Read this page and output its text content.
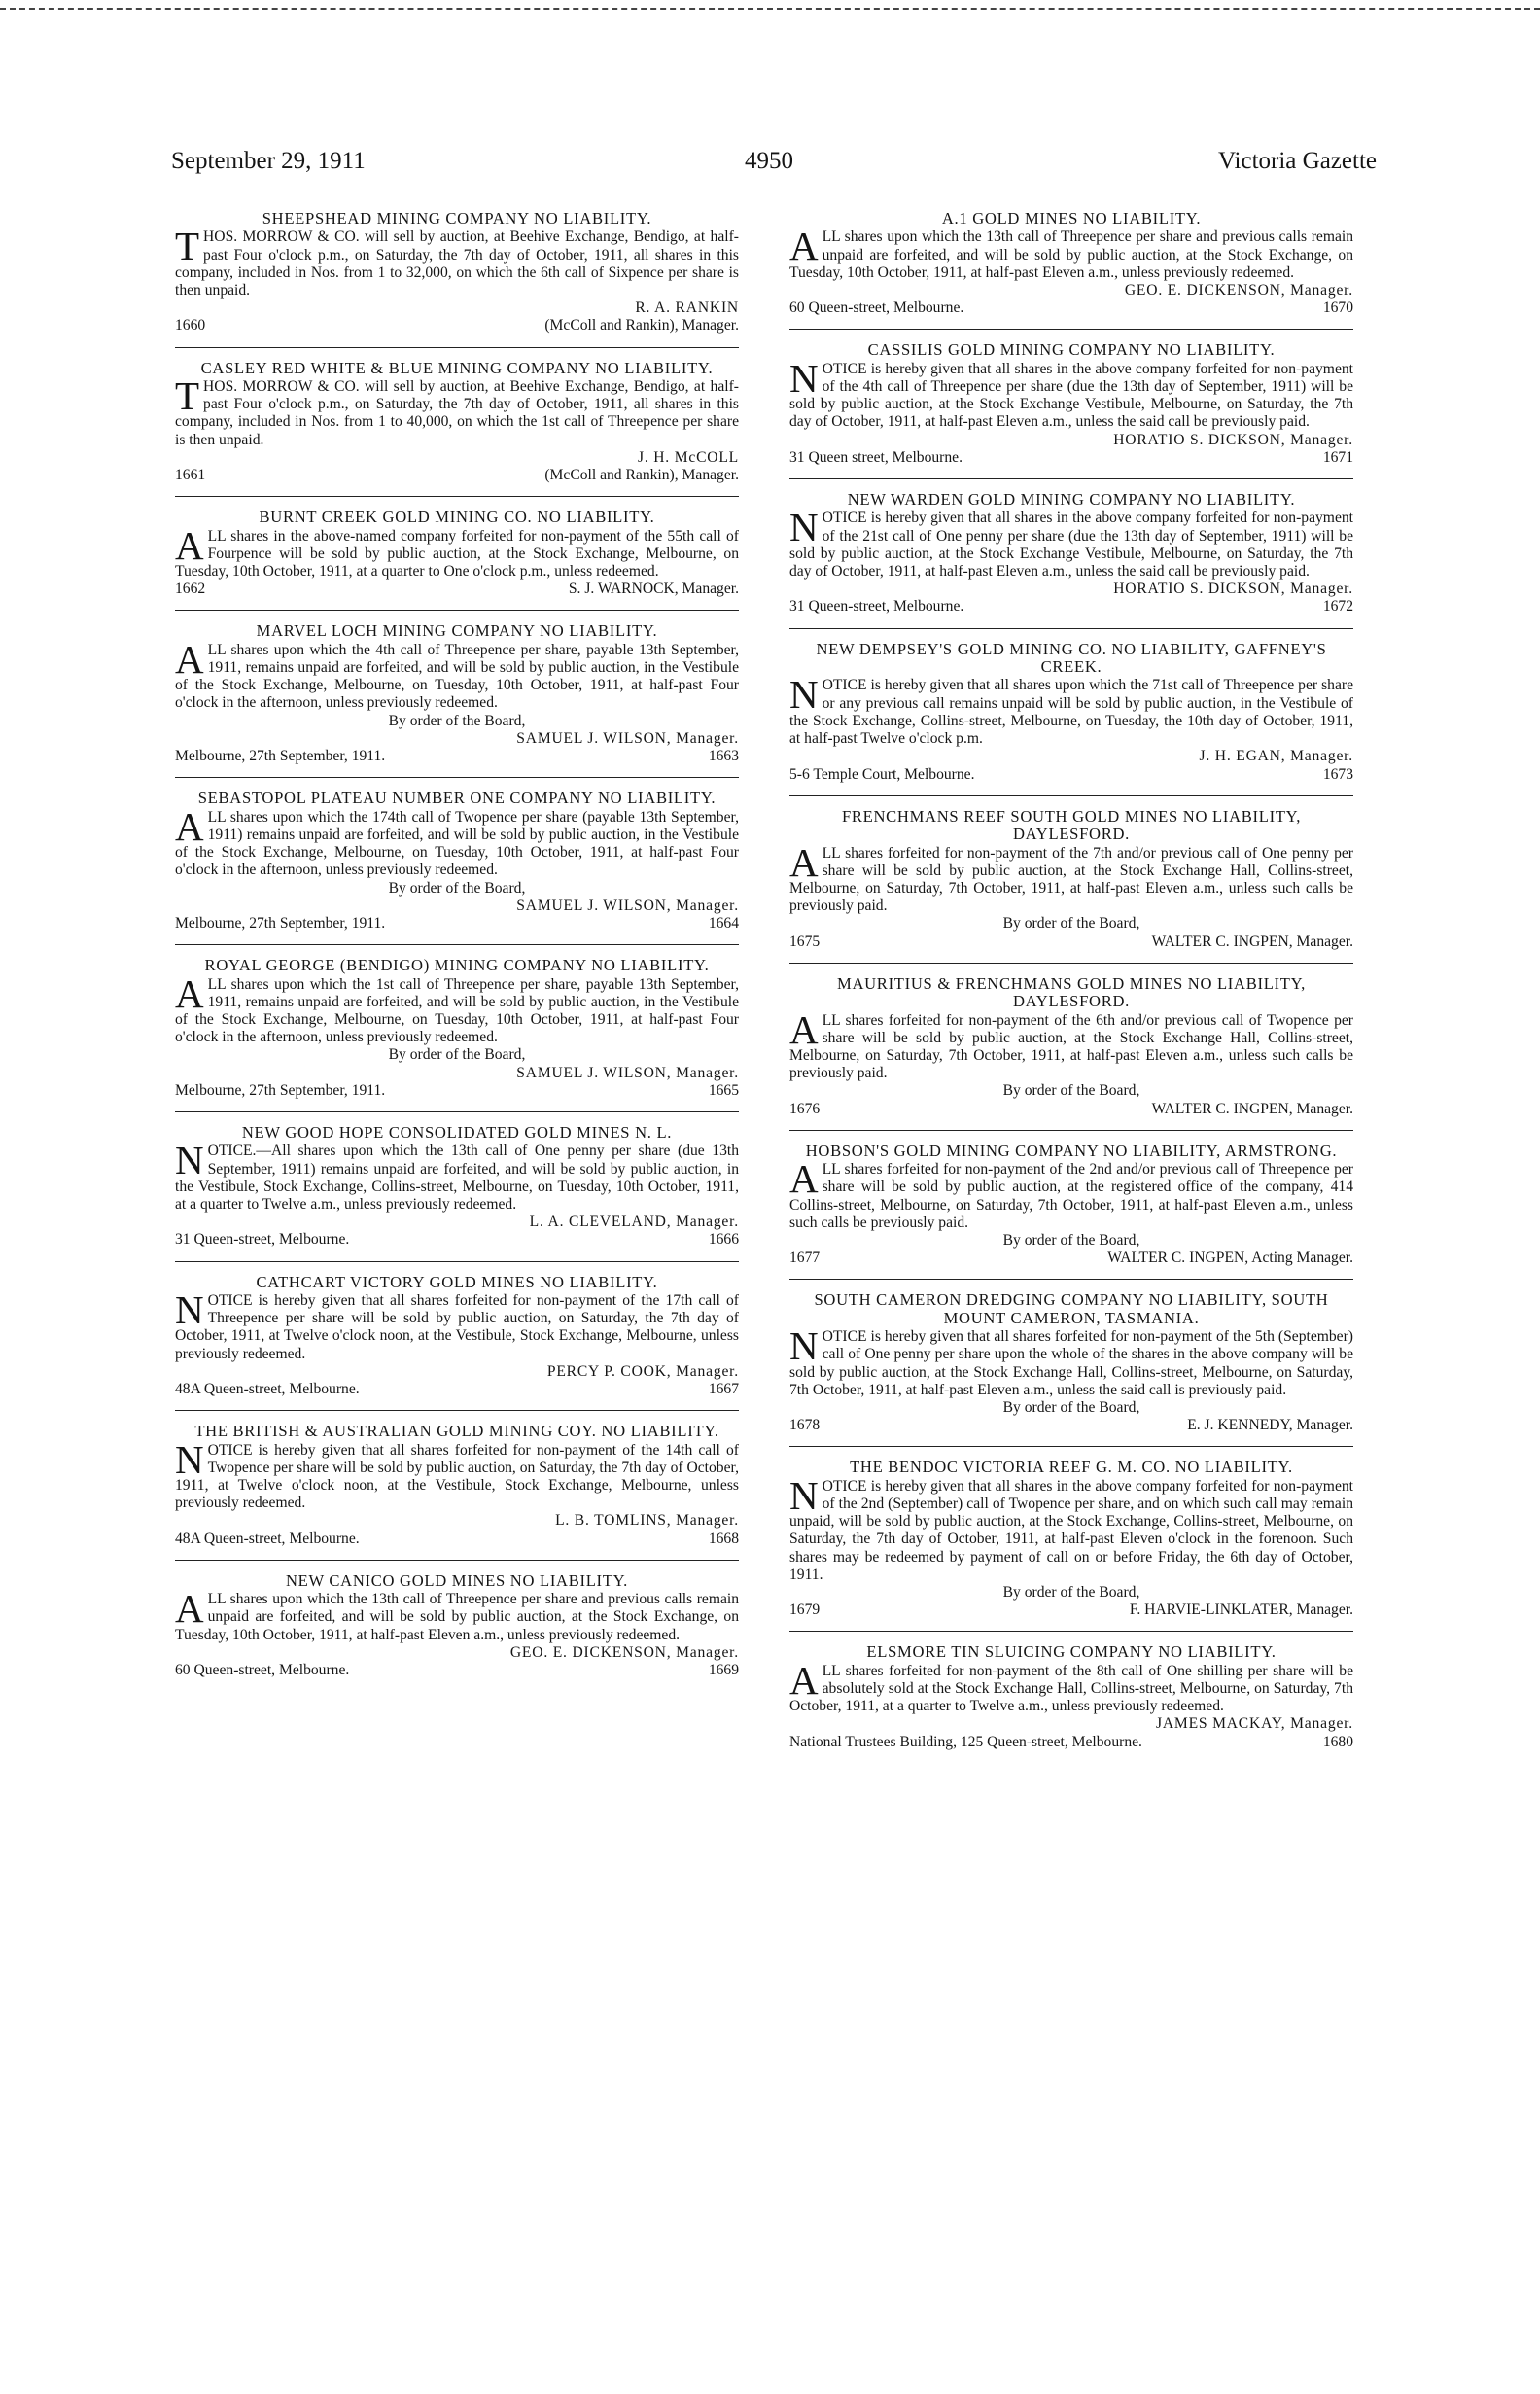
September 29, 1911	4950	Victoria Gazette

SHEEPSHEAD MINING COMPANY NO LIABILITY.

THOS. MORROW & CO. will sell by auction, at Beehive Exchange, Bendigo, at half-past Four o'clock p.m., on Saturday, the 7th day of October, 1911, all shares in this company, included in Nos. from 1 to 32,000, on which the 6th call of Sixpence per share is then unpaid.

R. A. RANKIN

1660	(McColl and Rankin), Manager.

CASLEY RED WHITE & BLUE MINING COMPANY NO LIABILITY.

THOS. MORROW & CO. will sell by auction, at Beehive Exchange, Bendigo, at half-past Four o'clock p.m., on Saturday, the 7th day of October, 1911, all shares in this company, included in Nos. from 1 to 40,000, on which the 1st call of Threepence per share is then unpaid.

J. H. McCOLL

1661	(McColl and Rankin), Manager.

BURNT CREEK GOLD MINING CO. NO LIABILITY.

ALL shares in the above-named company forfeited for non-payment of the 55th call of Fourpence will be sold by public auction, at the Stock Exchange, Melbourne, on Tuesday, 10th October, 1911, at a quarter to One o'clock p.m., unless redeemed.

1662	S. J. WARNOCK, Manager.

MARVEL LOCH MINING COMPANY NO LIABILITY.

ALL shares upon which the 4th call of Threepence per share, payable 13th September, 1911, remains unpaid are forfeited, and will be sold by public auction, in the Vestibule of the Stock Exchange, Melbourne, on Tuesday, 10th October, 1911, at half-past Four o'clock in the afternoon, unless previously redeemed.

By order of the Board,

SAMUEL J. WILSON, Manager.

Melbourne, 27th September, 1911.	1663

SEBASTOPOL PLATEAU NUMBER ONE COMPANY NO LIABILITY.

ALL shares upon which the 174th call of Twopence per share (payable 13th September, 1911) remains unpaid are forfeited, and will be sold by public auction, in the Vestibule of the Stock Exchange, Melbourne, on Tuesday, 10th October, 1911, at half-past Four o'clock in the afternoon, unless previously redeemed.

By order of the Board,

SAMUEL J. WILSON, Manager.

Melbourne, 27th September, 1911.	1664

ROYAL GEORGE (BENDIGO) MINING COMPANY NO LIABILITY.

ALL shares upon which the 1st call of Threepence per share, payable 13th September, 1911, remains unpaid are forfeited, and will be sold by public auction, in the Vestibule of the Stock Exchange, Melbourne, on Tuesday, 10th October, 1911, at half-past Four o'clock in the afternoon, unless previously redeemed.

By order of the Board,

SAMUEL J. WILSON, Manager.

Melbourne, 27th September, 1911.	1665

NEW GOOD HOPE CONSOLIDATED GOLD MINES N. L.

NOTICE.—All shares upon which the 13th call of One penny per share (due 13th September, 1911) remains unpaid are forfeited, and will be sold by public auction, in the Vestibule, Stock Exchange, Collins-street, Melbourne, on Tuesday, 10th October, 1911, at a quarter to Twelve a.m., unless previously redeemed.

L. A. CLEVELAND, Manager.

31 Queen-street, Melbourne.	1666

CATHCART VICTORY GOLD MINES NO LIABILITY.

NOTICE is hereby given that all shares forfeited for non-payment of the 17th call of Threepence per share will be sold by public auction, on Saturday, the 7th day of October, 1911, at Twelve o'clock noon, at the Vestibule, Stock Exchange, Melbourne, unless previously redeemed.

PERCY P. COOK, Manager.

48A Queen-street, Melbourne.	1667

THE BRITISH & AUSTRALIAN GOLD MINING COY. NO LIABILITY.

NOTICE is hereby given that all shares forfeited for non-payment of the 14th call of Twopence per share will be sold by public auction, on Saturday, the 7th day of October, 1911, at Twelve o'clock noon, at the Vestibule, Stock Exchange, Melbourne, unless previously redeemed.

L. B. TOMLINS, Manager.

48A Queen-street, Melbourne.	1668

NEW CANICO GOLD MINES NO LIABILITY.

ALL shares upon which the 13th call of Threepence per share and previous calls remain unpaid are forfeited, and will be sold by public auction, at the Stock Exchange, on Tuesday, 10th October, 1911, at half-past Eleven a.m., unless previously redeemed.

GEO. E. DICKENSON, Manager.

60 Queen-street, Melbourne.	1669

A.1 GOLD MINES NO LIABILITY.

ALL shares upon which the 13th call of Threepence per share and previous calls remain unpaid are forfeited, and will be sold by public auction, at the Stock Exchange, on Tuesday, 10th October, 1911, at half-past Eleven a.m., unless previously redeemed.

GEO. E. DICKENSON, Manager.

60 Queen-street, Melbourne.	1670

CASSILIS GOLD MINING COMPANY NO LIABILITY.

NOTICE is hereby given that all shares in the above company forfeited for non-payment of the 4th call of Threepence per share (due the 13th day of September, 1911) will be sold by public auction, at the Stock Exchange Vestibule, Melbourne, on Saturday, the 7th day of October, 1911, at half-past Eleven a.m., unless the said call be previously paid.

HORATIO S. DICKSON, Manager.

31 Queen street, Melbourne.	1671

NEW WARDEN GOLD MINING COMPANY NO LIABILITY.

NOTICE is hereby given that all shares in the above company forfeited for non-payment of the 21st call of One penny per share (due the 13th day of September, 1911) will be sold by public auction, at the Stock Exchange Vestibule, Melbourne, on Saturday, the 7th day of October, 1911, at half-past Eleven a.m., unless the said call be previously paid.

HORATIO S. DICKSON, Manager.

31 Queen-street, Melbourne.	1672

NEW DEMPSEY'S GOLD MINING CO. NO LIABILITY, GAFFNEY'S CREEK.

NOTICE is hereby given that all shares upon which the 71st call of Threepence per share or any previous call remains unpaid will be sold by public auction, in the Vestibule of the Stock Exchange, Collins-street, Melbourne, on Tuesday, the 10th day of October, 1911, at half-past Twelve o'clock p.m.

J. H. EGAN, Manager.

5-6 Temple Court, Melbourne.	1673

FRENCHMANS REEF SOUTH GOLD MINES NO LIABILITY, DAYLESFORD.

ALL shares forfeited for non-payment of the 7th and/or previous call of One penny per share will be sold by public auction, at the Stock Exchange Hall, Collins-street, Melbourne, on Saturday, 7th October, 1911, at half-past Eleven a.m., unless such calls be previously paid.

By order of the Board,

1675	WALTER C. INGPEN, Manager.

MAURITIUS & FRENCHMANS GOLD MINES NO LIABILITY, DAYLESFORD.

ALL shares forfeited for non-payment of the 6th and/or previous call of Twopence per share will be sold by public auction, at the Stock Exchange Hall, Collins-street, Melbourne, on Saturday, 7th October, 1911, at half-past Eleven a.m., unless such calls be previously paid.

By order of the Board,

1676	WALTER C. INGPEN, Manager.

HOBSON'S GOLD MINING COMPANY NO LIABILITY, ARMSTRONG.

ALL shares forfeited for non-payment of the 2nd and/or previous call of Threepence per share will be sold by public auction, at the registered office of the company, 414 Collins-street, Melbourne, on Saturday, 7th October, 1911, at half-past Eleven a.m., unless such calls be previously paid.

By order of the Board,

1677	WALTER C. INGPEN, Acting Manager.

SOUTH CAMERON DREDGING COMPANY NO LIABILITY, SOUTH MOUNT CAMERON, TASMANIA.

NOTICE is hereby given that all shares forfeited for non-payment of the 5th (September) call of One penny per share upon the whole of the shares in the above company will be sold by public auction, at the Stock Exchange Hall, Collins-street, Melbourne, on Saturday, 7th October, 1911, at half-past Eleven a.m., unless the said call is previously paid.

By order of the Board,

1678	E. J. KENNEDY, Manager.

THE BENDOC VICTORIA REEF G. M. CO. NO LIABILITY.

NOTICE is hereby given that all shares in the above company forfeited for non-payment of the 2nd (September) call of Twopence per share, and on which such call may remain unpaid, will be sold by public auction, at the Stock Exchange, Collins-street, Melbourne, on Saturday, the 7th day of October, 1911, at half-past Eleven o'clock in the forenoon. Such shares may be redeemed by payment of call on or before Friday, the 6th day of October, 1911.

By order of the Board,

1679	F. HARVIE-LINKLATER, Manager.

ELSMORE TIN SLUICING COMPANY NO LIABILITY.

ALL shares forfeited for non-payment of the 8th call of One shilling per share will be absolutely sold at the Stock Exchange Hall, Collins-street, Melbourne, on Saturday, 7th October, 1911, at a quarter to Twelve a.m., unless previously redeemed.

JAMES MACKAY, Manager.

National Trustees Building, 125 Queen-street, Melbourne.	1680
